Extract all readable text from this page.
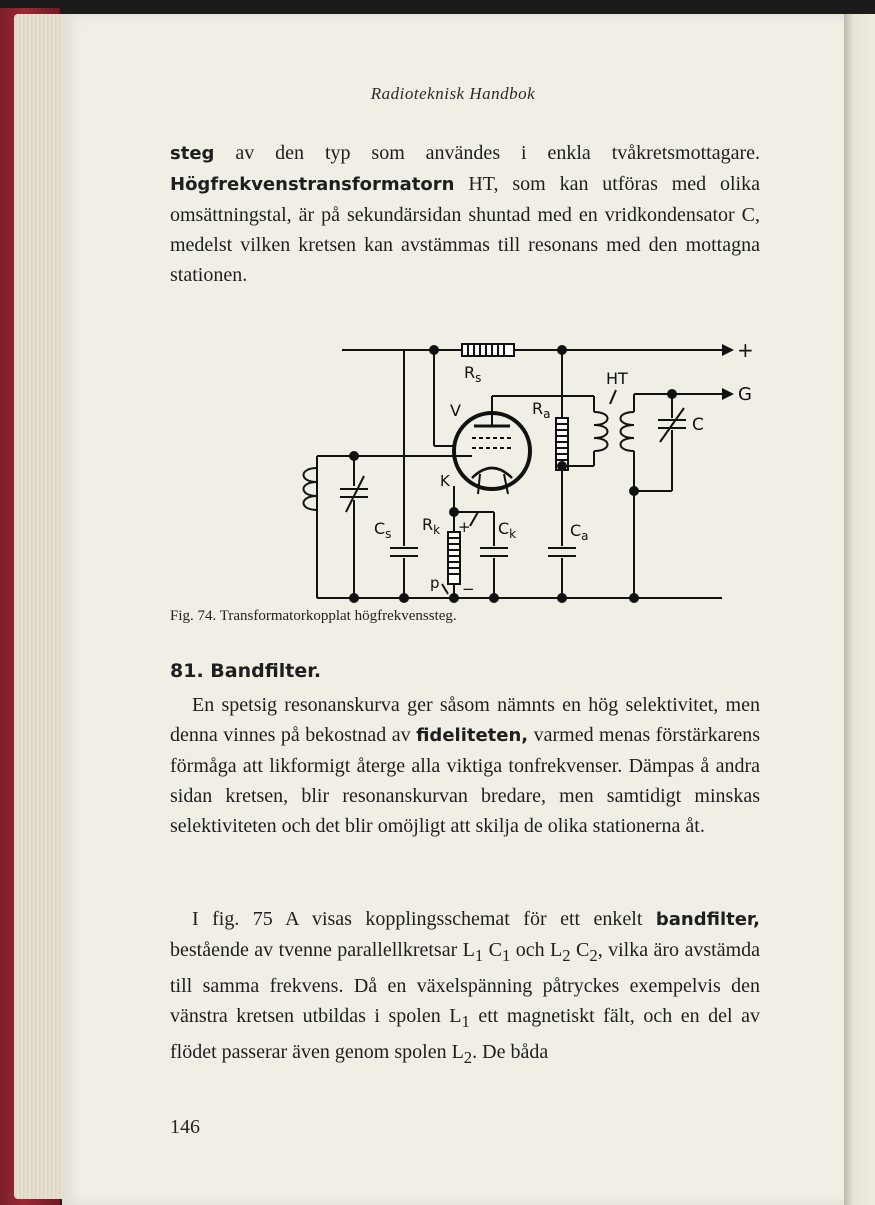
Radioteknisk Handbok

steg av den typ som användes i enkla tvåkretsmottagare. Högfrekvenstransformatorn HT, som kan utföras med olika omsättningstal, är på sekundärsidan shuntad med en vridkondensator C, medelst vilken kretsen kan avstämmas till resonans med den mottagna stationen.

+
G
$R_s$	HT
V	$R_a$
C
K
$C_s$ $R_k$ +
−
$C_k$	$C_a$
p
Fig. 74. Transformatorkopplat högfrekvenssteg.
81. Bandfilter.

En spetsig resonanskurva ger såsom nämnts en hög selektivitet, men denna vinnes på bekostnad av fideliteten, varmed menas förstärkarens förmåga att likformigt återge alla viktiga tonfrekvenser. Dämpas å andra sidan kretsen, blir resonanskurvan bredare, men samtidigt minskas selektiviteten och det blir omöjligt att skilja de olika stationerna åt.

I fig. 75 A visas kopplingsschemat för ett enkelt bandfilter, bestående av tvenne parallellkretsar $L_1$ $C_1$ och $L_2$ $C_2$, vilka äro avstämda till samma frekvens. Då en växelspänning påtryckes exempelvis den vänstra kretsen utbildas i spolen $L_1$ ett magnetiskt fält, och en del av flödet passerar även genom spolen $L_2$. De båda

146
